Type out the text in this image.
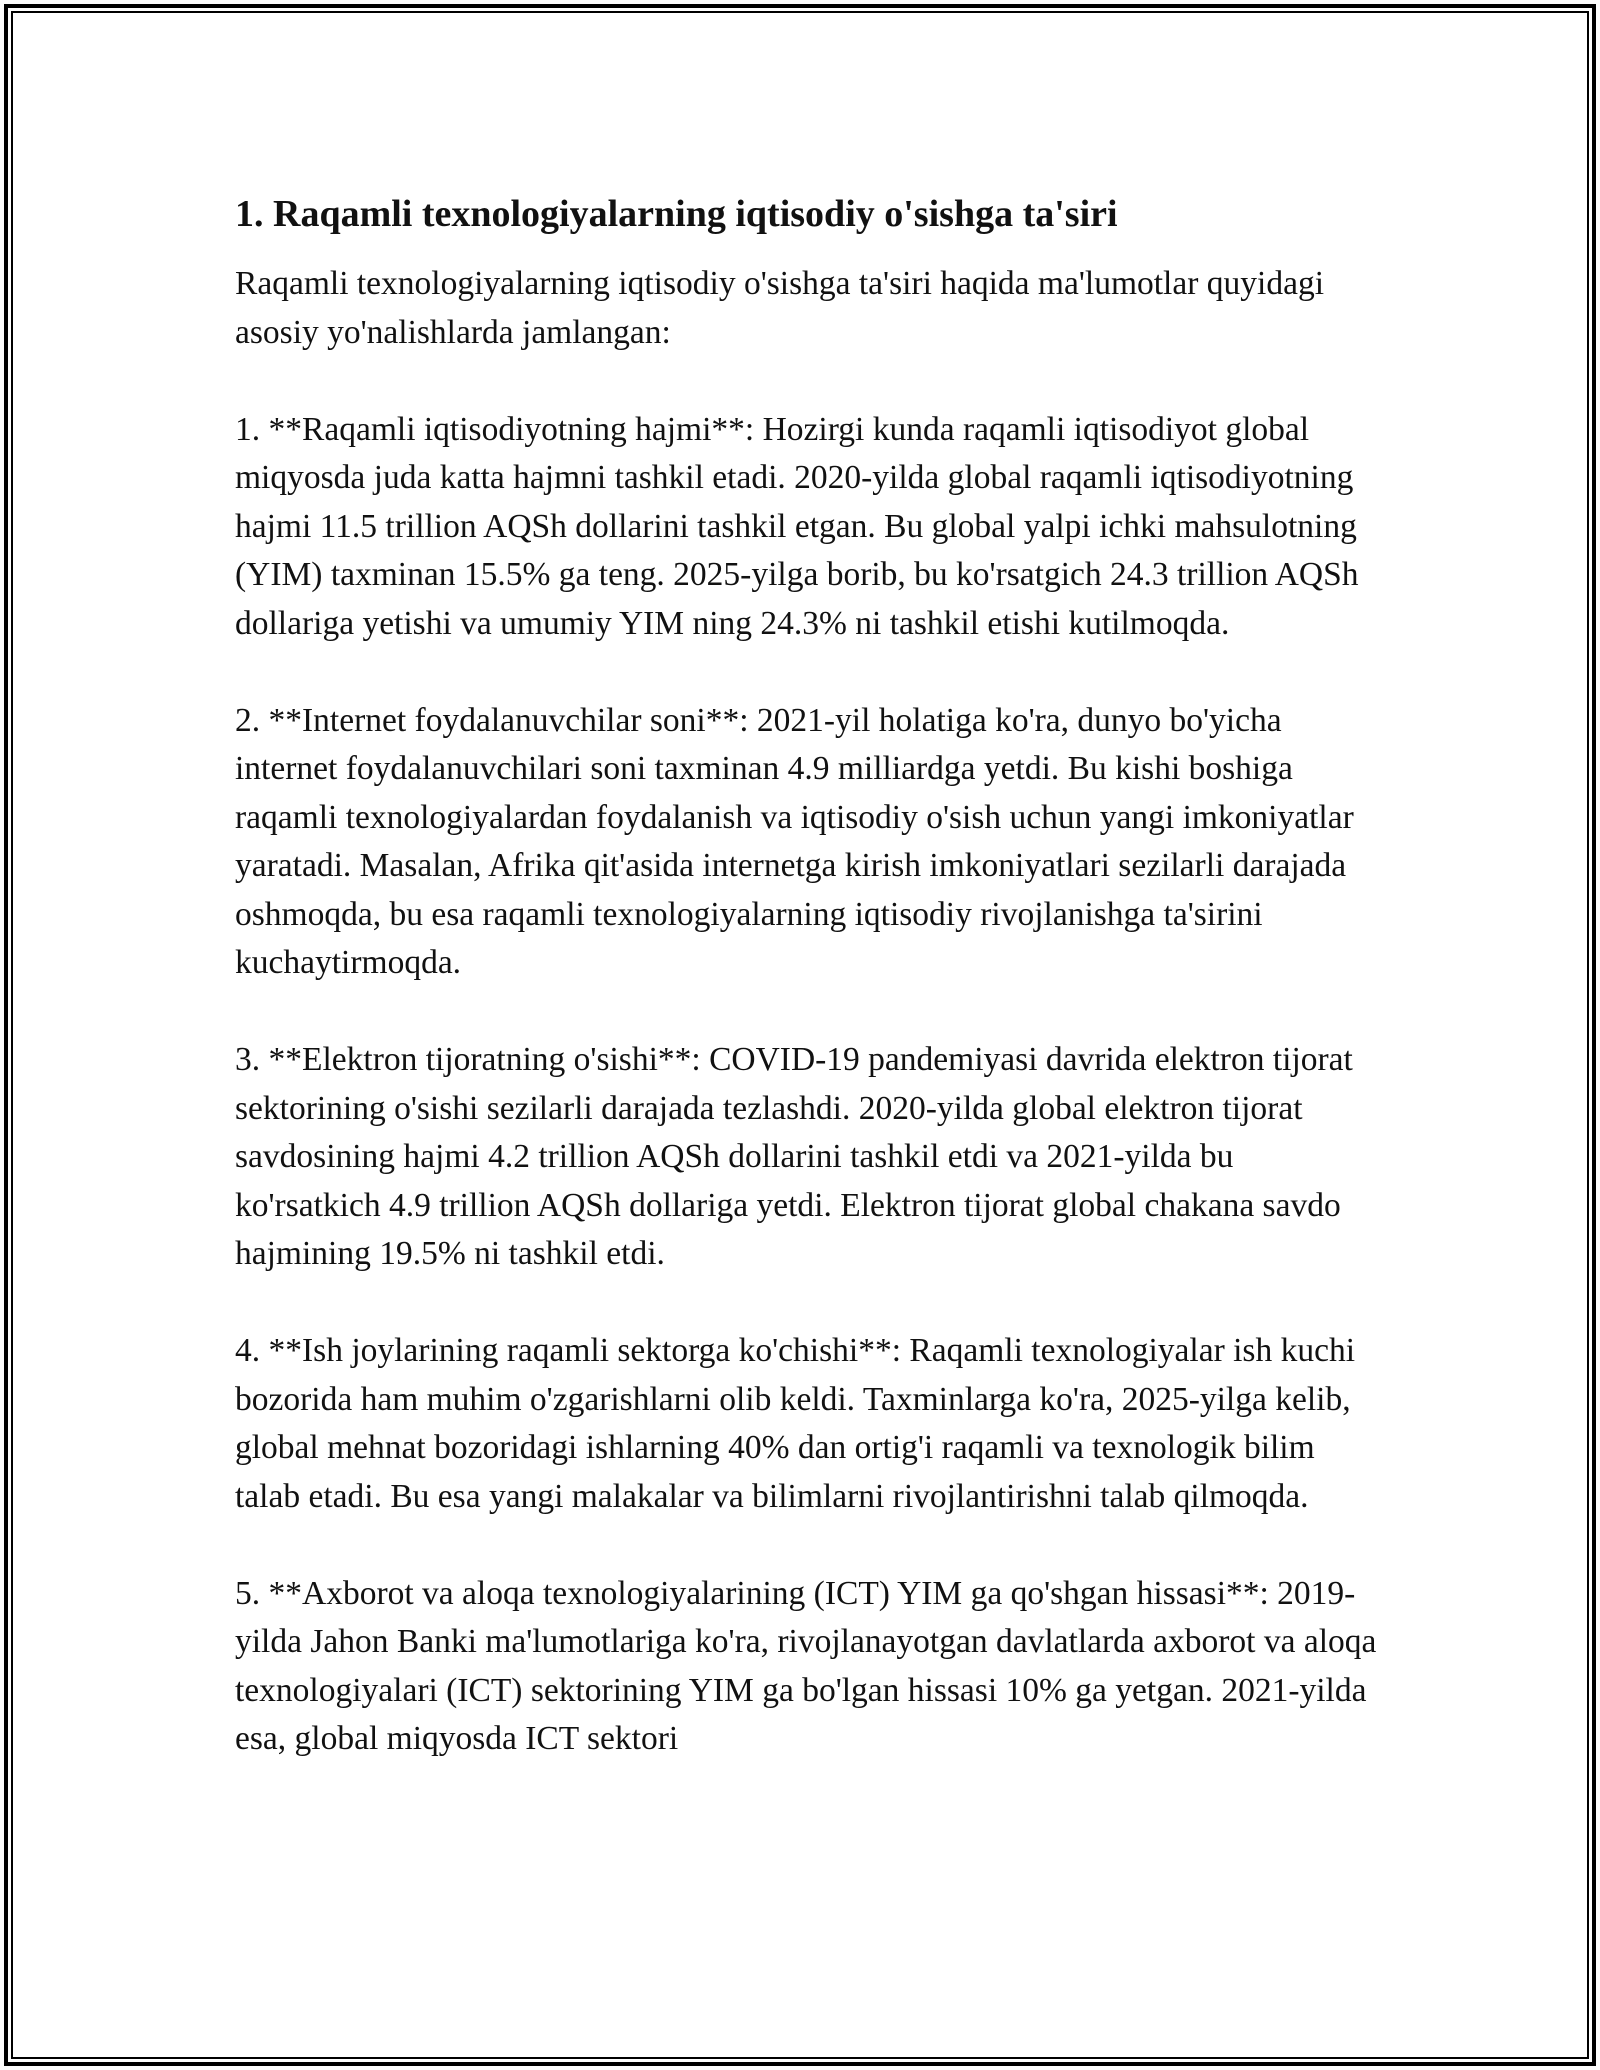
1. Raqamli texnologiyalarning iqtisodiy o'sishga ta'siri

Raqamli texnologiyalarning iqtisodiy o'sishga ta'siri haqida ma'lumotlar quyidagi asosiy yo'nalishlarda jamlangan:

1. **Raqamli iqtisodiyotning hajmi**: Hozirgi kunda raqamli iqtisodiyot global miqyosda juda katta hajmni tashkil etadi. 2020-yilda global raqamli iqtisodiyotning hajmi 11.5 trillion AQSh dollarini tashkil etgan. Bu global yalpi ichki mahsulotning (YIM) taxminan 15.5% ga teng. 2025-yilga borib, bu ko'rsatgich 24.3 trillion AQSh dollariga yetishi va umumiy YIM ning 24.3% ni tashkil etishi kutilmoqda.

2. **Internet foydalanuvchilar soni**: 2021-yil holatiga ko'ra, dunyo bo'yicha internet foydalanuvchilari soni taxminan 4.9 milliardga yetdi. Bu kishi boshiga raqamli texnologiyalardan foydalanish va iqtisodiy o'sish uchun yangi imkoniyatlar yaratadi. Masalan, Afrika qit'asida internetga kirish imkoniyatlari sezilarli darajada oshmoqda, bu esa raqamli texnologiyalarning iqtisodiy rivojlanishga ta'sirini kuchaytirmoqda.

3. **Elektron tijoratning o'sishi**: COVID-19 pandemiyasi davrida elektron tijorat sektorining o'sishi sezilarli darajada tezlashdi. 2020-yilda global elektron tijorat savdosining hajmi 4.2 trillion AQSh dollarini tashkil etdi va 2021-yilda bu ko'rsatkich 4.9 trillion AQSh dollariga yetdi. Elektron tijorat global chakana savdo hajmining 19.5% ni tashkil etdi.

4. **Ish joylarining raqamli sektorga ko'chishi**: Raqamli texnologiyalar ish kuchi bozorida ham muhim o'zgarishlarni olib keldi. Taxminlarga ko'ra, 2025-yilga kelib, global mehnat bozoridagi ishlarning 40% dan ortig'i raqamli va texnologik bilim talab etadi. Bu esa yangi malakalar va bilimlarni rivojlantirishni talab qilmoqda.

5. **Axborot va aloqa texnologiyalarining (ICT) YIM ga qo'shgan hissasi**: 2019-yilda Jahon Banki ma'lumotlariga ko'ra, rivojlanayotgan davlatlarda axborot va aloqa texnologiyalari (ICT) sektorining YIM ga bo'lgan hissasi 10% ga yetgan. 2021-yilda esa, global miqyosda ICT sektori
